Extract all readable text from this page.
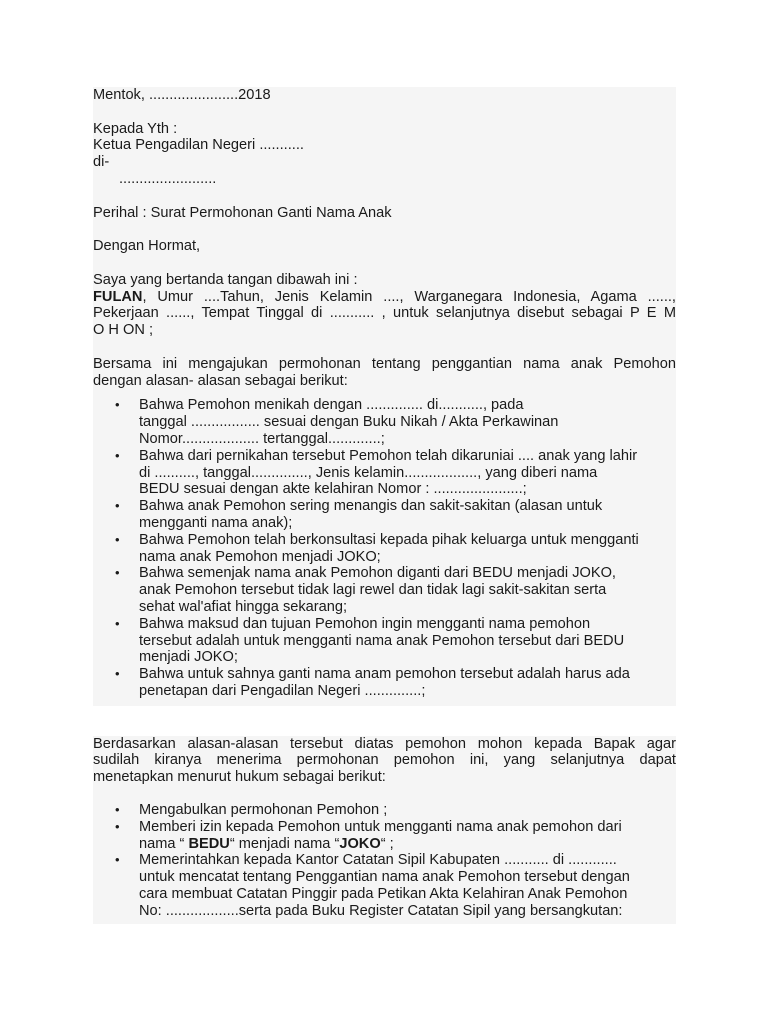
Mentok, ......................2018
Kepada Yth :
Ketua Pengadilan Negeri ...........
di-
........................
Perihal : Surat Permohonan Ganti Nama Anak
Dengan Hormat,
Saya yang bertanda tangan dibawah ini :
FULAN, Umur ....Tahun, Jenis Kelamin ...., Warganegara Indonesia, Agama ......,
Pekerjaan ......, Tempat Tinggal di ........... , untuk selanjutnya disebut sebagai P E M
O H ON ;
Bersama ini mengajukan permohonan tentang penggantian nama anak Pemohon
dengan alasan- alasan sebagai berikut:
• Bahwa Pemohon menikah dengan .............. di..........., pada
tanggal ................. sesuai dengan Buku Nikah / Akta Perkawinan
Nomor................... tertanggal.............;
• Bahwa dari pernikahan tersebut Pemohon telah dikaruniai .... anak yang lahir
di .........., tanggal.............., Jenis kelamin.................., yang diberi nama
BEDU sesuai dengan akte kelahiran Nomor : ......................;
• Bahwa anak Pemohon sering menangis dan sakit-sakitan (alasan untuk
mengganti nama anak);
• Bahwa Pemohon telah berkonsultasi kepada pihak keluarga untuk mengganti
nama anak Pemohon menjadi JOKO;
• Bahwa semenjak nama anak Pemohon diganti dari BEDU menjadi JOKO,
anak Pemohon tersebut tidak lagi rewel dan tidak lagi sakit-sakitan serta
sehat wal'afiat hingga sekarang;
• Bahwa maksud dan tujuan Pemohon ingin mengganti nama pemohon
tersebut adalah untuk mengganti nama anak Pemohon tersebut dari BEDU
menjadi JOKO;
• Bahwa untuk sahnya ganti nama anam pemohon tersebut adalah harus ada
penetapan dari Pengadilan Negeri ..............;
Berdasarkan alasan-alasan tersebut diatas pemohon mohon kepada Bapak agar
sudilah kiranya menerima permohonan pemohon ini, yang selanjutnya dapat
menetapkan menurut hukum sebagai berikut:
• Mengabulkan permohonan Pemohon ;
• Memberi izin kepada Pemohon untuk mengganti nama anak pemohon dari
nama “ BEDU“ menjadi nama “JOKO“ ;
• Memerintahkan kepada Kantor Catatan Sipil Kabupaten ........... di ............
untuk mencatat tentang Penggantian nama anak Pemohon tersebut dengan
cara membuat Catatan Pinggir pada Petikan Akta Kelahiran Anak Pemohon
No: ..................serta pada Buku Register Catatan Sipil yang bersangkutan:
